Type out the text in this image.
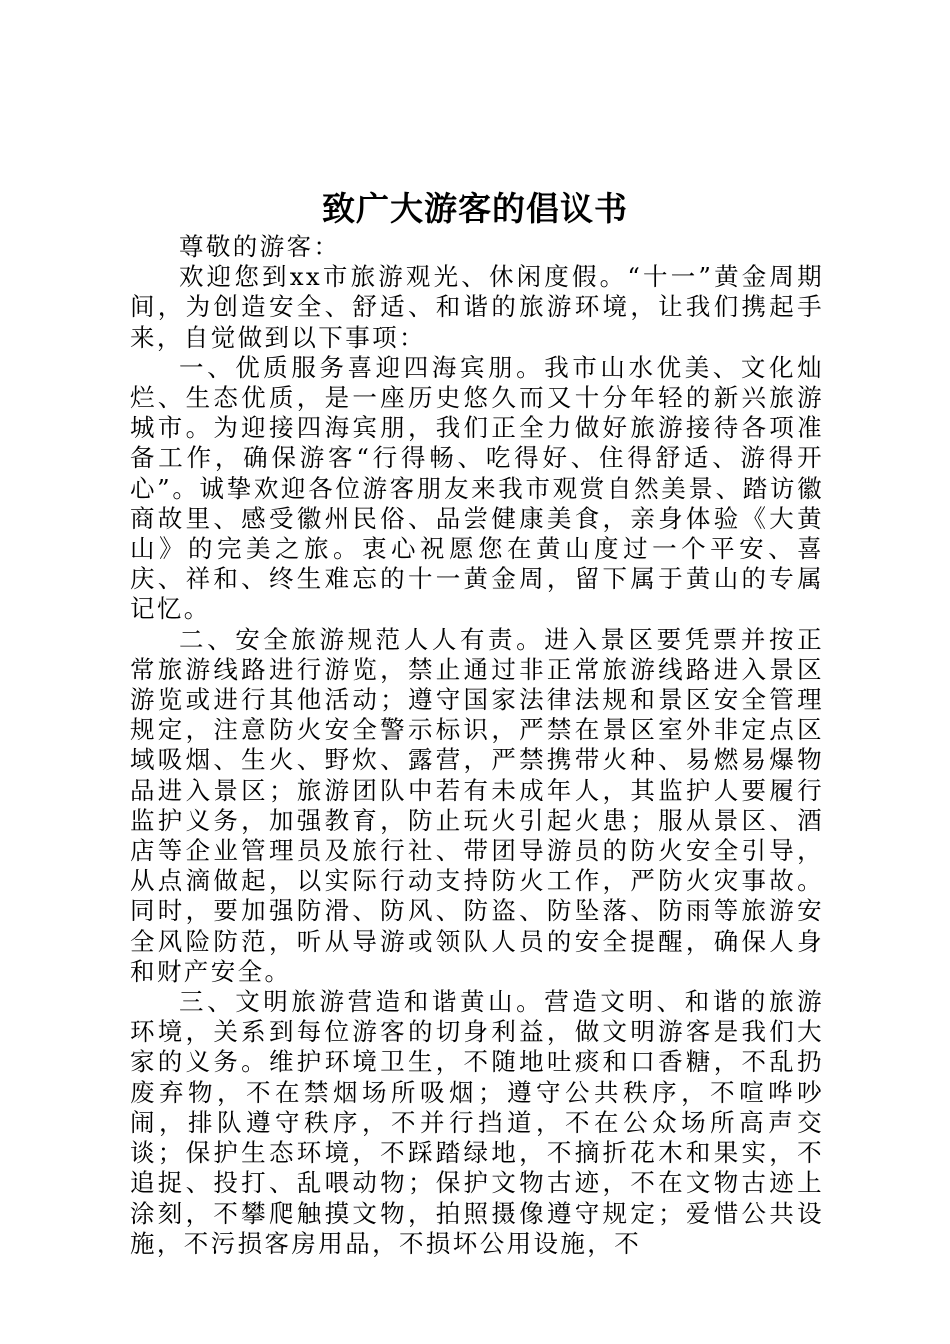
致广大游客的倡议书

尊敬的游客：

欢迎您到xx市旅游观光、休闲度假。“十一”黄金周期间，为创造安全、舒适、和谐的旅游环境，让我们携起手来，自觉做到以下事项：

一、优质服务喜迎四海宾朋。我市山水优美、文化灿烂、生态优质，是一座历史悠久而又十分年轻的新兴旅游城市。为迎接四海宾朋，我们正全力做好旅游接待各项准备工作，确保游客“行得畅、吃得好、住得舒适、游得开心”。诚挚欢迎各位游客朋友来我市观赏自然美景、踏访徽商故里、感受徽州民俗、品尝健康美食，亲身体验《大黄山》的完美之旅。衷心祝愿您在黄山度过一个平安、喜庆、祥和、终生难忘的十一黄金周，留下属于黄山的专属记忆。

二、安全旅游规范人人有责。进入景区要凭票并按正常旅游线路进行游览，禁止通过非正常旅游线路进入景区游览或进行其他活动；遵守国家法律法规和景区安全管理规定，注意防火安全警示标识，严禁在景区室外非定点区域吸烟、生火、野炊、露营，严禁携带火种、易燃易爆物品进入景区；旅游团队中若有未成年人，其监护人要履行监护义务，加强教育，防止玩火引起火患；服从景区、酒店等企业管理员及旅行社、带团导游员的防火安全引导，从点滴做起，以实际行动支持防火工作，严防火灾事故。同时，要加强防滑、防风、防盗、防坠落、防雨等旅游安全风险防范，听从导游或领队人员的安全提醒，确保人身和财产安全。

三、文明旅游营造和谐黄山。营造文明、和谐的旅游环境，关系到每位游客的切身利益，做文明游客是我们大家的义务。维护环境卫生，不随地吐痰和口香糖，不乱扔废弃物，不在禁烟场所吸烟；遵守公共秩序，不喧哗吵闹，排队遵守秩序，不并行挡道，不在公众场所高声交谈；保护生态环境，不踩踏绿地，不摘折花木和果实，不追捉、投打、乱喂动物；保护文物古迹，不在文物古迹上涂刻，不攀爬触摸文物，拍照摄像遵守规定；爱惜公共设施，不污损客房用品，不损坏公用设施，不
